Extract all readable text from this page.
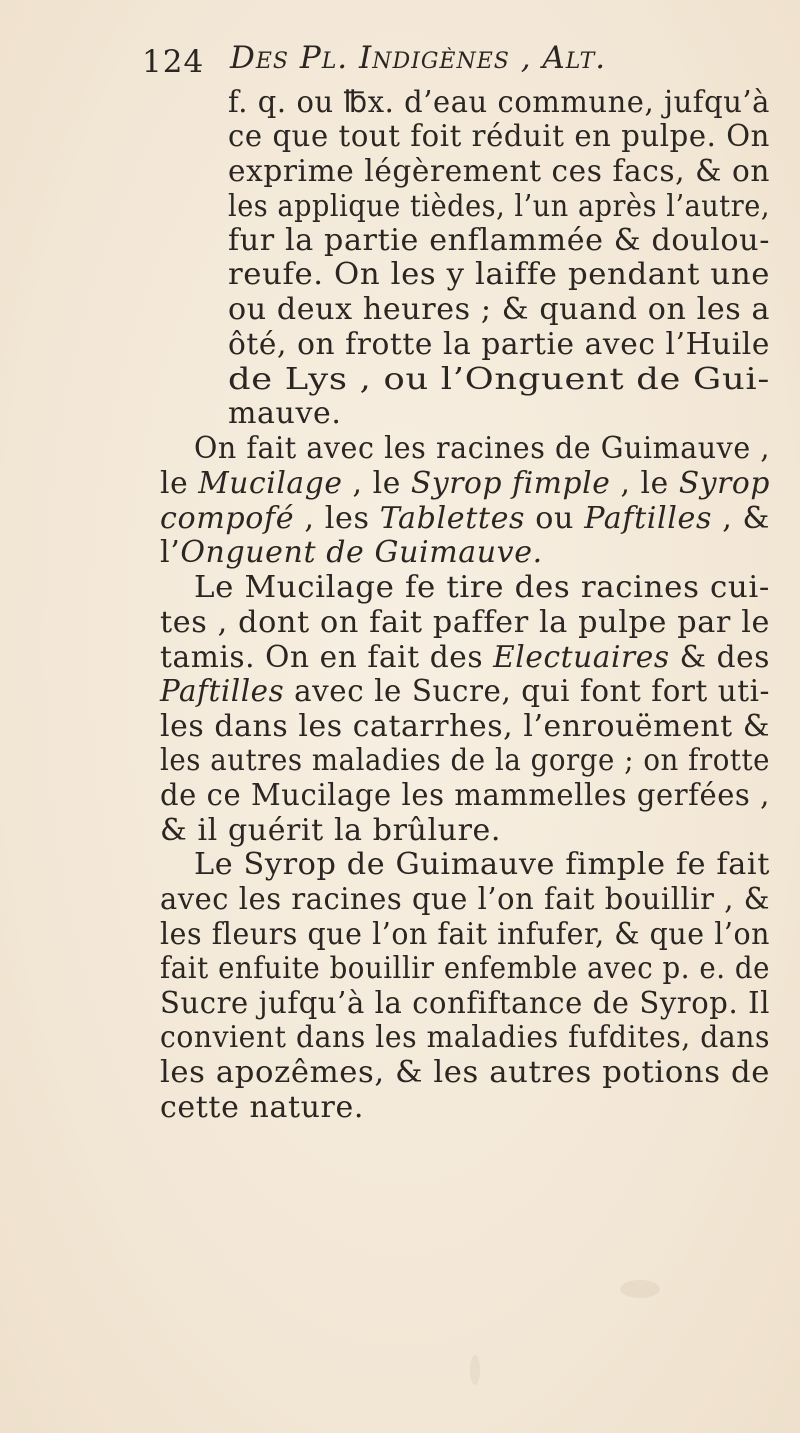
124 Des Pl. Indigènes , Alt.
f. q. ou ℔x. d’eau commune, jufqu’à
ce que tout foit réduit en pulpe. On
exprime légèrement ces facs, & on
les applique tièdes, l’un après l’autre,
fur la partie enflammée & doulou-
reufe. On les y laiffe pendant une
ou deux heures ; & quand on les a
ôté, on frotte la partie avec l’Huile
de Lys , ou l’Onguent de Gui-
mauve.
On fait avec les racines de Guimauve ,
le Mucilage , le Syrop fimple , le Syrop
compofé , les Tablettes ou Paftilles , &
l’Onguent de Guimauve.
Le Mucilage fe tire des racines cui-
tes , dont on fait paffer la pulpe par le
tamis. On en fait des Electuaires & des
Paftilles avec le Sucre, qui font fort uti-
les dans les catarrhes, l’enrouëment &
les autres maladies de la gorge ; on frotte
de ce Mucilage les mammelles gerfées ,
& il guérit la brûlure.
Le Syrop de Guimauve fimple fe fait
avec les racines que l’on fait bouillir , &
les fleurs que l’on fait infufer, & que l’on
fait enfuite bouillir enfemble avec p. e. de
Sucre jufqu’à la confiftance de Syrop. Il
convient dans les maladies fufdites, dans
les apozêmes, & les autres potions de
cette nature.
